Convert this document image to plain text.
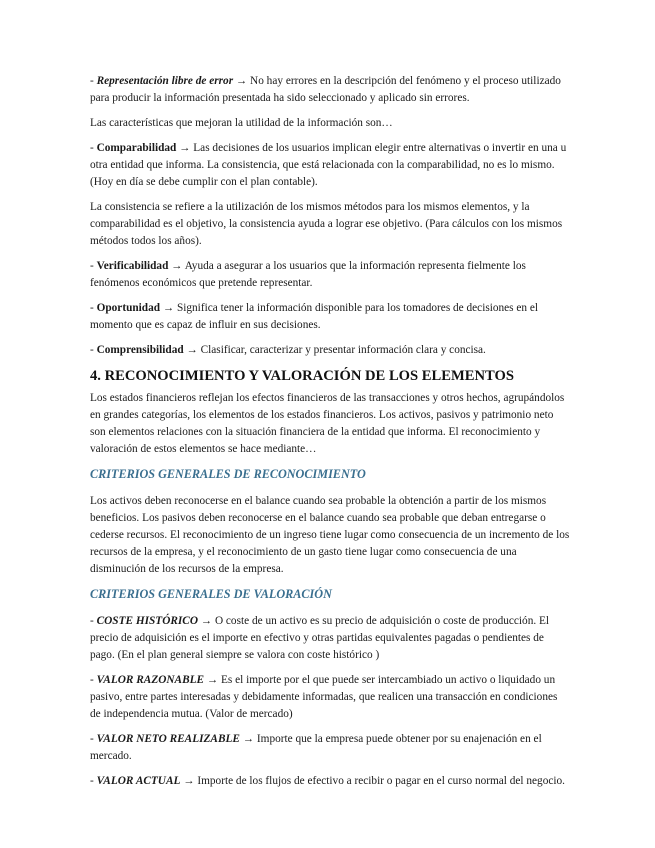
- Representación libre de error → No hay errores en la descripción del fenómeno y el proceso utilizado para producir la información presentada ha sido seleccionado y aplicado sin errores.

Las características que mejoran la utilidad de la información son…

- Comparabilidad → Las decisiones de los usuarios implican elegir entre alternativas o invertir en una u otra entidad que informa. La consistencia, que está relacionada con la comparabilidad, no es lo mismo. (Hoy en día se debe cumplir con el plan contable).

La consistencia se refiere a la utilización de los mismos métodos para los mismos elementos, y la comparabilidad es el objetivo, la consistencia ayuda a lograr ese objetivo. (Para cálculos con los mismos métodos todos los años).

- Verificabilidad → Ayuda a asegurar a los usuarios que la información representa fielmente los fenómenos económicos que pretende representar.

- Oportunidad → Significa tener la información disponible para los tomadores de decisiones en el momento que es capaz de influir en sus decisiones.

- Comprensibilidad → Clasificar, caracterizar y presentar información clara y concisa.

4. RECONOCIMIENTO Y VALORACIÓN DE LOS ELEMENTOS

Los estados financieros reflejan los efectos financieros de las transacciones y otros hechos, agrupándolos en grandes categorías, los elementos de los estados financieros. Los activos, pasivos y patrimonio neto son elementos relaciones con la situación financiera de la entidad que informa. El reconocimiento y valoración de estos elementos se hace mediante…

CRITERIOS GENERALES DE RECONOCIMIENTO

Los activos deben reconocerse en el balance cuando sea probable la obtención a partir de los mismos beneficios. Los pasivos deben reconocerse en el balance cuando sea probable que deban entregarse o cederse recursos. El reconocimiento de un ingreso tiene lugar como consecuencia de un incremento de los recursos de la empresa, y el reconocimiento de un gasto tiene lugar como consecuencia de una disminución de los recursos de la empresa.

CRITERIOS GENERALES DE VALORACIÓN

- COSTE HISTÓRICO → O coste de un activo es su precio de adquisición o coste de producción. El precio de adquisición es el importe en efectivo y otras partidas equivalentes pagadas o pendientes de pago. (En el plan general siempre se valora con coste histórico )

- VALOR RAZONABLE → Es el importe por el que puede ser intercambiado un activo o liquidado un pasivo, entre partes interesadas y debidamente informadas, que realicen una transacción en condiciones de independencia mutua. (Valor de mercado)

- VALOR NETO REALIZABLE → Importe que la empresa puede obtener por su enajenación en el mercado.

- VALOR ACTUAL → Importe de los flujos de efectivo a recibir o pagar en el curso normal del negocio.
